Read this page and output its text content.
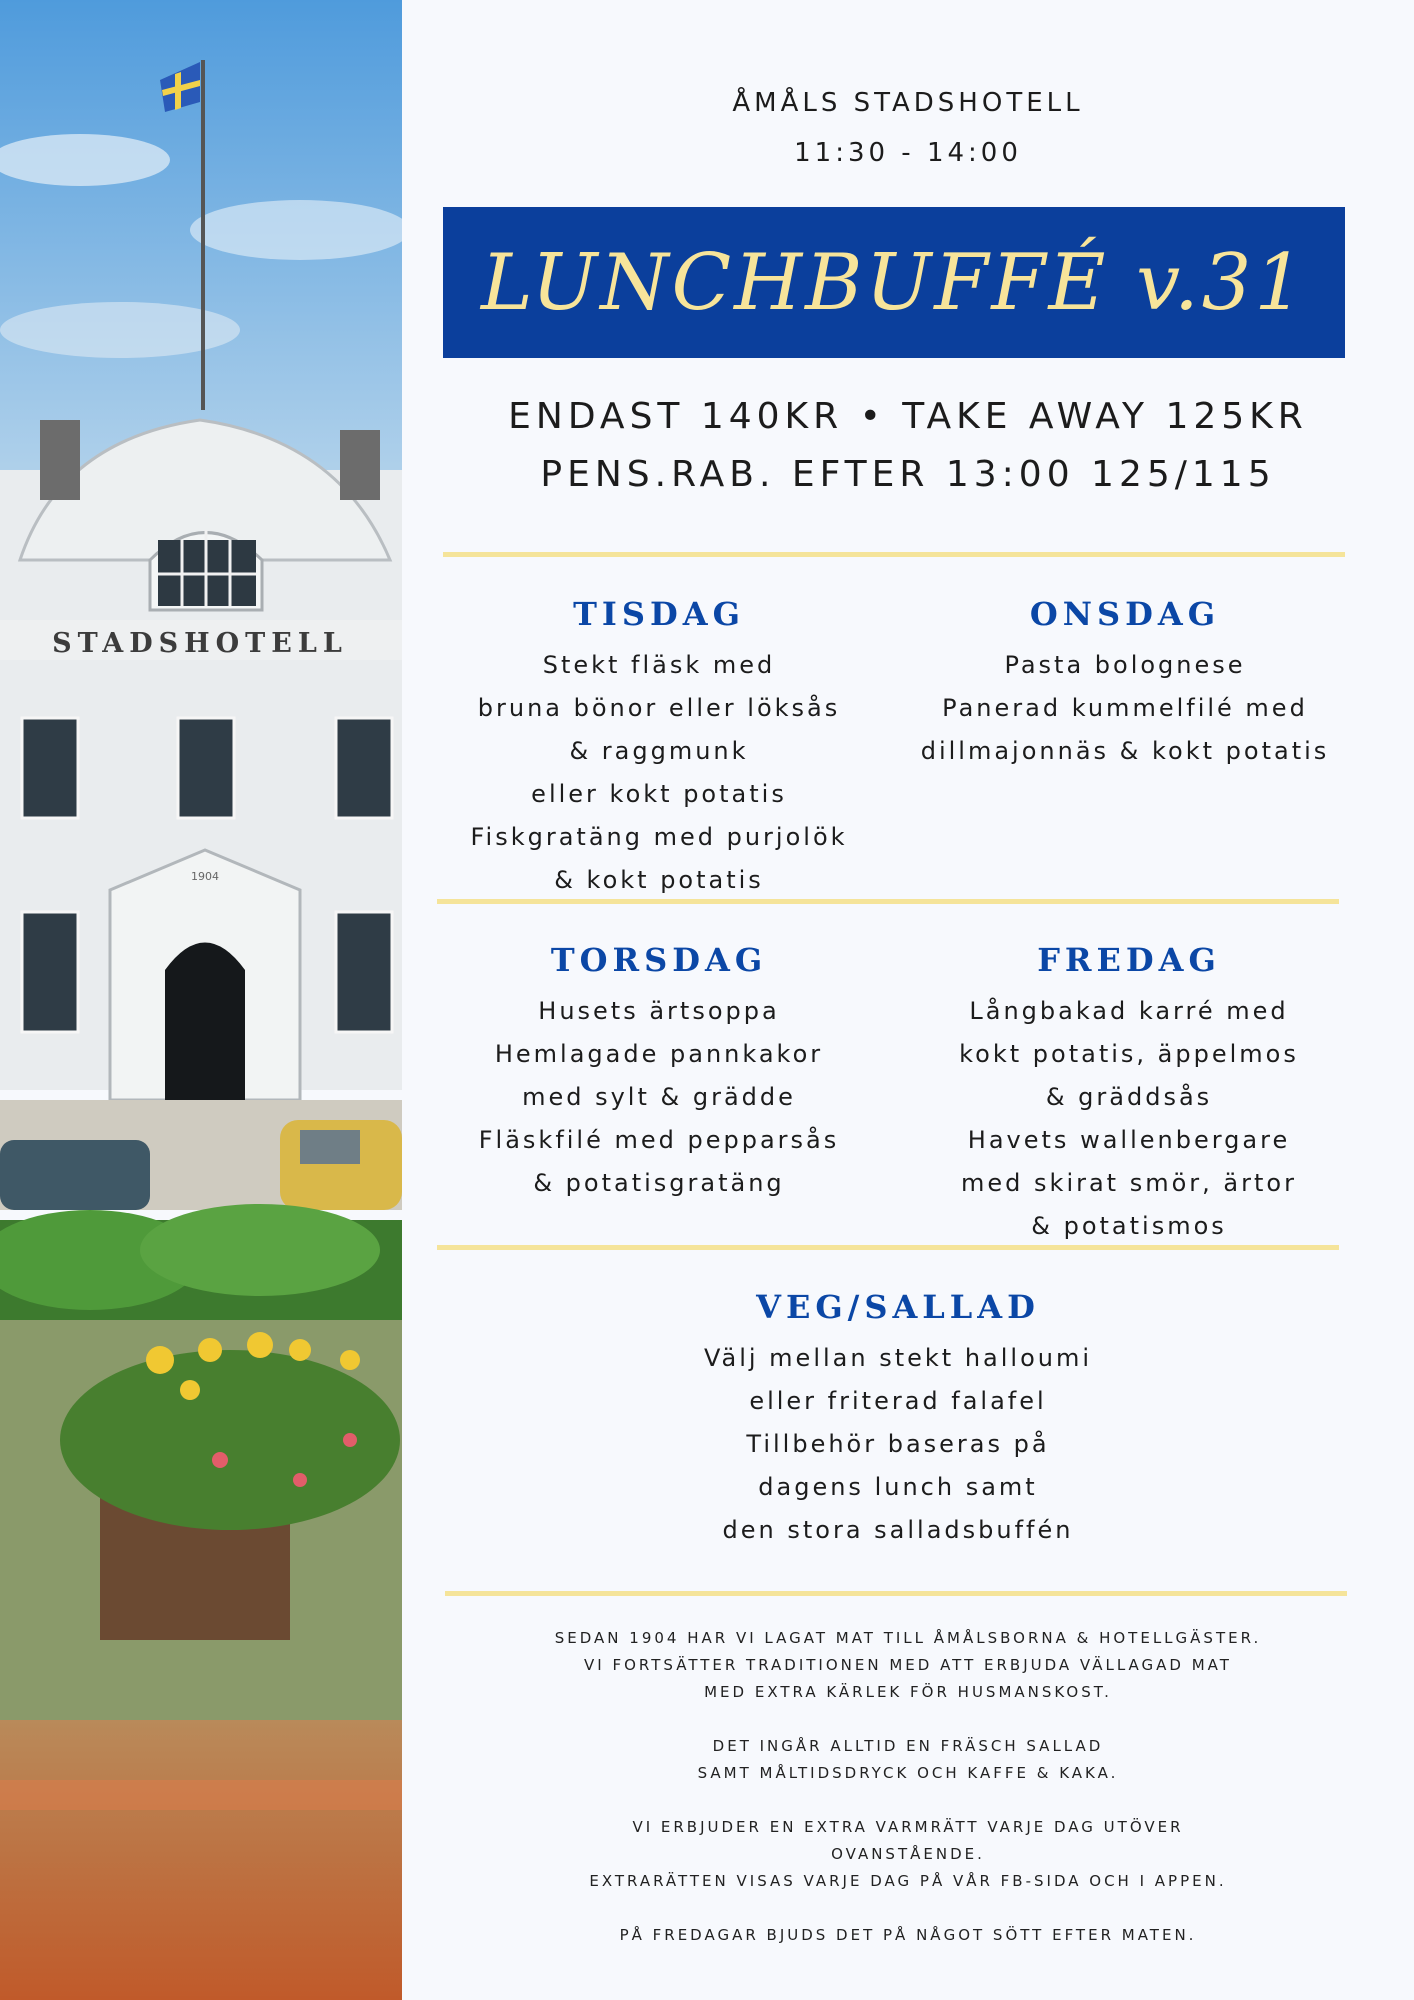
1904
STADSHOTELL
ÅMÅLS STADSHOTELL
11:30 - 14:00
LUNCHBUFFÉ v.31
ENDAST 140KR • TAKE AWAY 125KR
PENS.RAB. EFTER 13:00 125/115
TISDAG
Stekt fläsk med
bruna bönor eller löksås
& raggmunk
eller kokt potatis
Fiskgratäng med purjolök
& kokt potatis
ONSDAG
Pasta bolognese
Panerad kummelfilé med
dillmajonnäs & kokt potatis
TORSDAG
Husets ärtsoppa
Hemlagade pannkakor
med sylt & grädde
Fläskfilé med pepparsås
& potatisgratäng
FREDAG
Långbakad karré med
kokt potatis, äppelmos
& gräddsås
Havets wallenbergare
med skirat smör, ärtor
& potatismos
VEG/SALLAD
Välj mellan stekt halloumi
eller friterad falafel
Tillbehör baseras på
dagens lunch samt
den stora salladsbuffén
SEDAN 1904 HAR VI LAGAT MAT TILL ÅMÅLSBORNA & HOTELLGÄSTER.
VI FORTSÄTTER TRADITIONEN MED ATT ERBJUDA VÄLLAGAD MAT
MED EXTRA KÄRLEK FÖR HUSMANSKOST.
DET INGÅR ALLTID EN FRÄSCH SALLAD
SAMT MÅLTIDSDRYCK OCH KAFFE & KAKA.
VI ERBJUDER EN EXTRA VARMRÄTT VARJE DAG UTÖVER
OVANSTÅENDE.
EXTRARÄTTEN VISAS VARJE DAG PÅ VÅR FB-SIDA OCH I APPEN.
PÅ FREDAGAR BJUDS DET PÅ NÅGOT SÖTT EFTER MATEN.
